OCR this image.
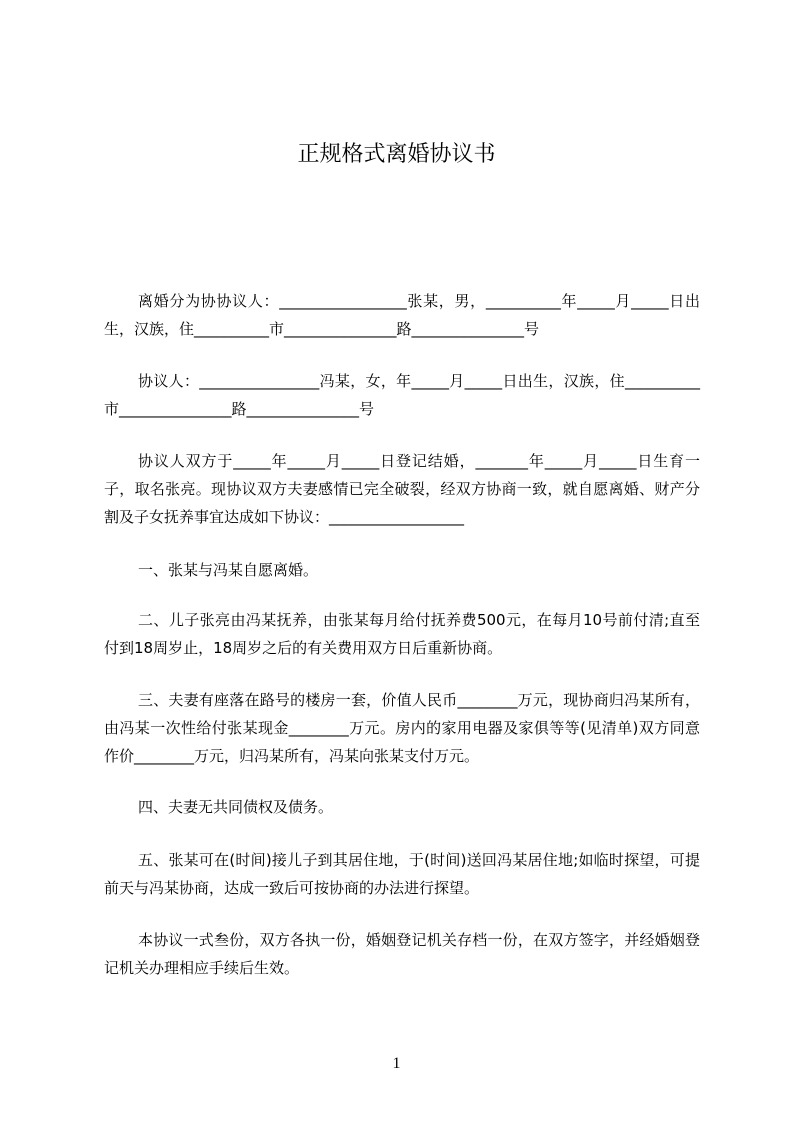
正规格式离婚协议书

离婚分为协协议人：_________________张某，男，__________年_____月_____日出生，汉族，住__________市_______________路_______________号

协议人：________________冯某，女，年_____月_____日出生，汉族，住__________市_______________路_______________号

协议人双方于_____年_____月_____日登记结婚，_______年_____月_____日生育一子，取名张亮。现协议双方夫妻感情已完全破裂，经双方协商一致，就自愿离婚、财产分割及子女抚养事宜达成如下协议：__________________

一、张某与冯某自愿离婚。

二、儿子张亮由冯某抚养，由张某每月给付抚养费500元，在每月10号前付清;直至付到18周岁止，18周岁之后的有关费用双方日后重新协商。

三、夫妻有座落在路号的楼房一套，价值人民币________万元，现协商归冯某所有，由冯某一次性给付张某现金________万元。房内的家用电器及家俱等等(见清单)双方同意作价________万元，归冯某所有，冯某向张某支付万元。

四、夫妻无共同债权及债务。

五、张某可在(时间)接儿子到其居住地，于(时间)送回冯某居住地;如临时探望，可提前天与冯某协商，达成一致后可按协商的办法进行探望。

本协议一式叁份，双方各执一份，婚姻登记机关存档一份，在双方签字，并经婚姻登记机关办理相应手续后生效。

1
